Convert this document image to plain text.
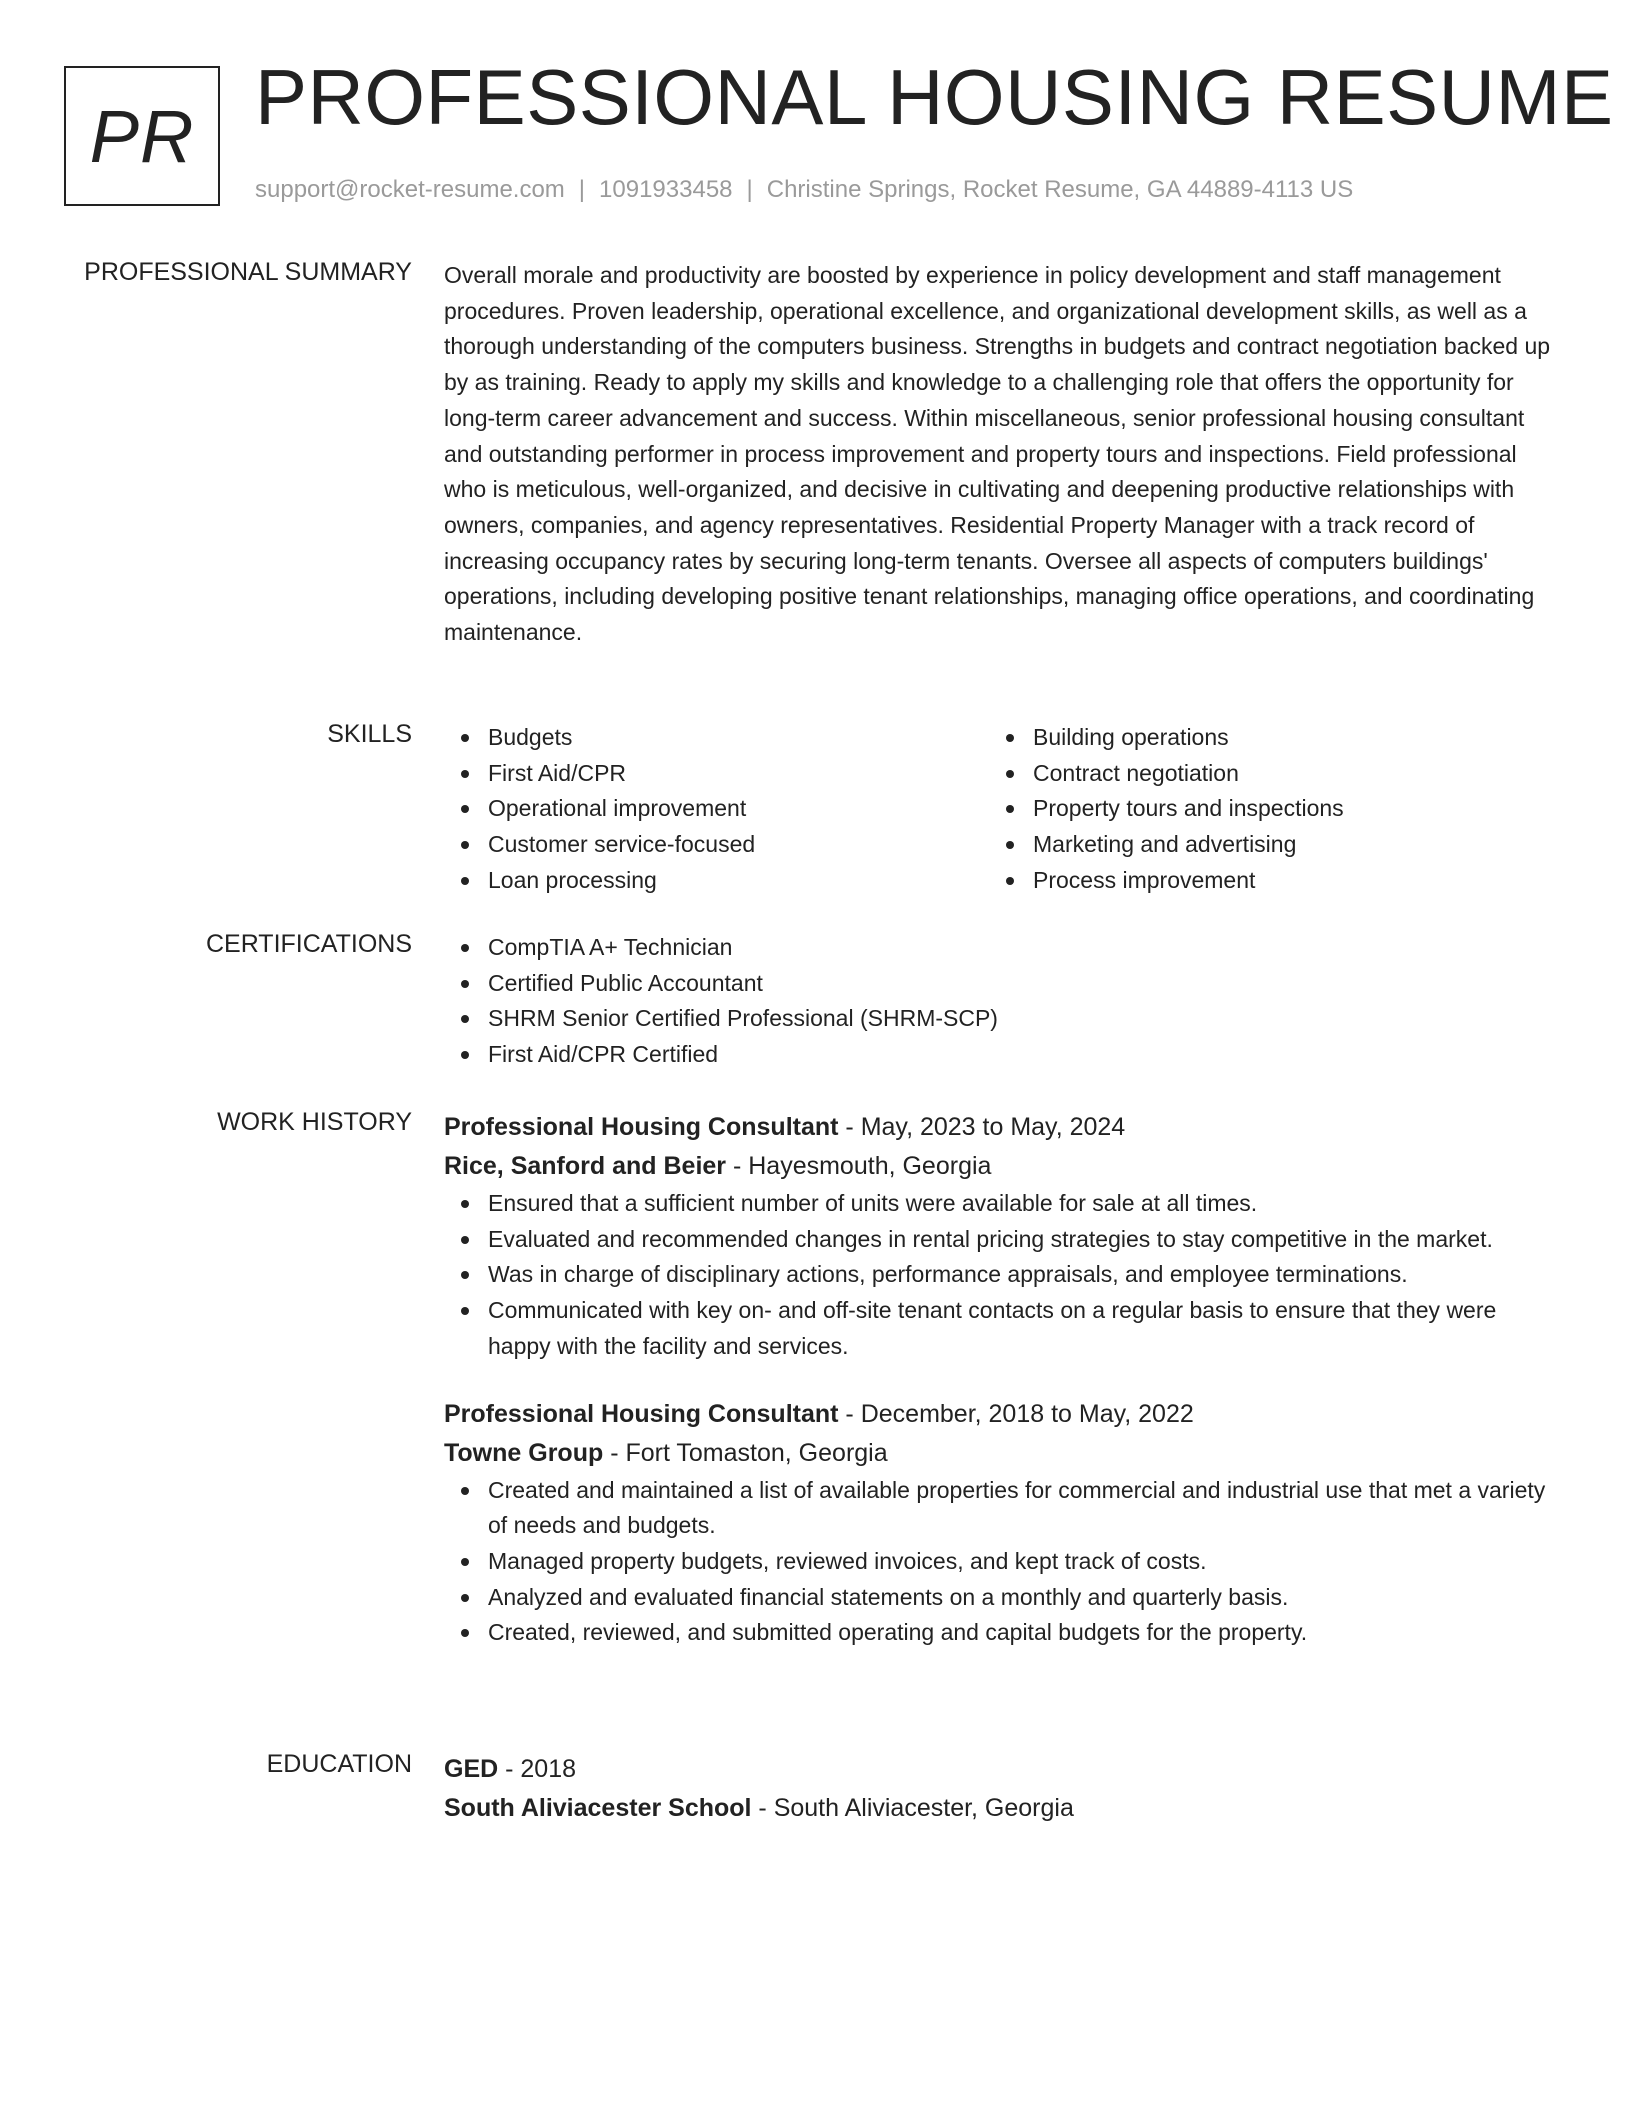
PR PROFESSIONAL HOUSING RESUME
support@rocket-resume.com | 1091933458 | Christine Springs, Rocket Resume, GA 44889-4113 US
PROFESSIONAL SUMMARY Overall morale and productivity are boosted by experience in policy development and staff management procedures. Proven leadership, operational excellence, and organizational development skills, as well as a thorough understanding of the computers business. Strengths in budgets and contract negotiation backed up by as training. Ready to apply my skills and knowledge to a challenging role that offers the opportunity for long-term career advancement and success. Within miscellaneous, senior professional housing consultant and outstanding performer in process improvement and property tours and inspections. Field professional who is meticulous, well-organized, and decisive in cultivating and deepening productive relationships with owners, companies, and agency representatives. Residential Property Manager with a track record of increasing occupancy rates by securing long-term tenants. Oversee all aspects of computers buildings' operations, including developing positive tenant relationships, managing office operations, and coordinating maintenance.

SKILLS	Budgets
First Aid/CPR
Operational improvement
Customer service-focused
Loan processing
Building operations
Contract negotiation
Property tours and inspections
Marketing and advertising
Process improvement
CERTIFICATIONS	CompTIA A+ Technician
Certified Public Accountant
SHRM Senior Certified Professional (SHRM-SCP)
First Aid/CPR Certified
WORK HISTORY Professional Housing Consultant - May, 2023 to May, 2024
Rice, Sanford and Beier - Hayesmouth, Georgia
Ensured that a sufficient number of units were available for sale at all times.
Evaluated and recommended changes in rental pricing strategies to stay competitive in the market.
Was in charge of disciplinary actions, performance appraisals, and employee terminations.
Communicated with key on- and off-site tenant contacts on a regular basis to ensure that they were happy with the facility and services.
Professional Housing Consultant - December, 2018 to May, 2022
Towne Group - Fort Tomaston, Georgia
Created and maintained a list of available properties for commercial and industrial use that met a variety of needs and budgets.
Managed property budgets, reviewed invoices, and kept track of costs.
Analyzed and evaluated financial statements on a monthly and quarterly basis.
Created, reviewed, and submitted operating and capital budgets for the property.
EDUCATION GED - 2018
South Aliviacester School - South Aliviacester, Georgia
